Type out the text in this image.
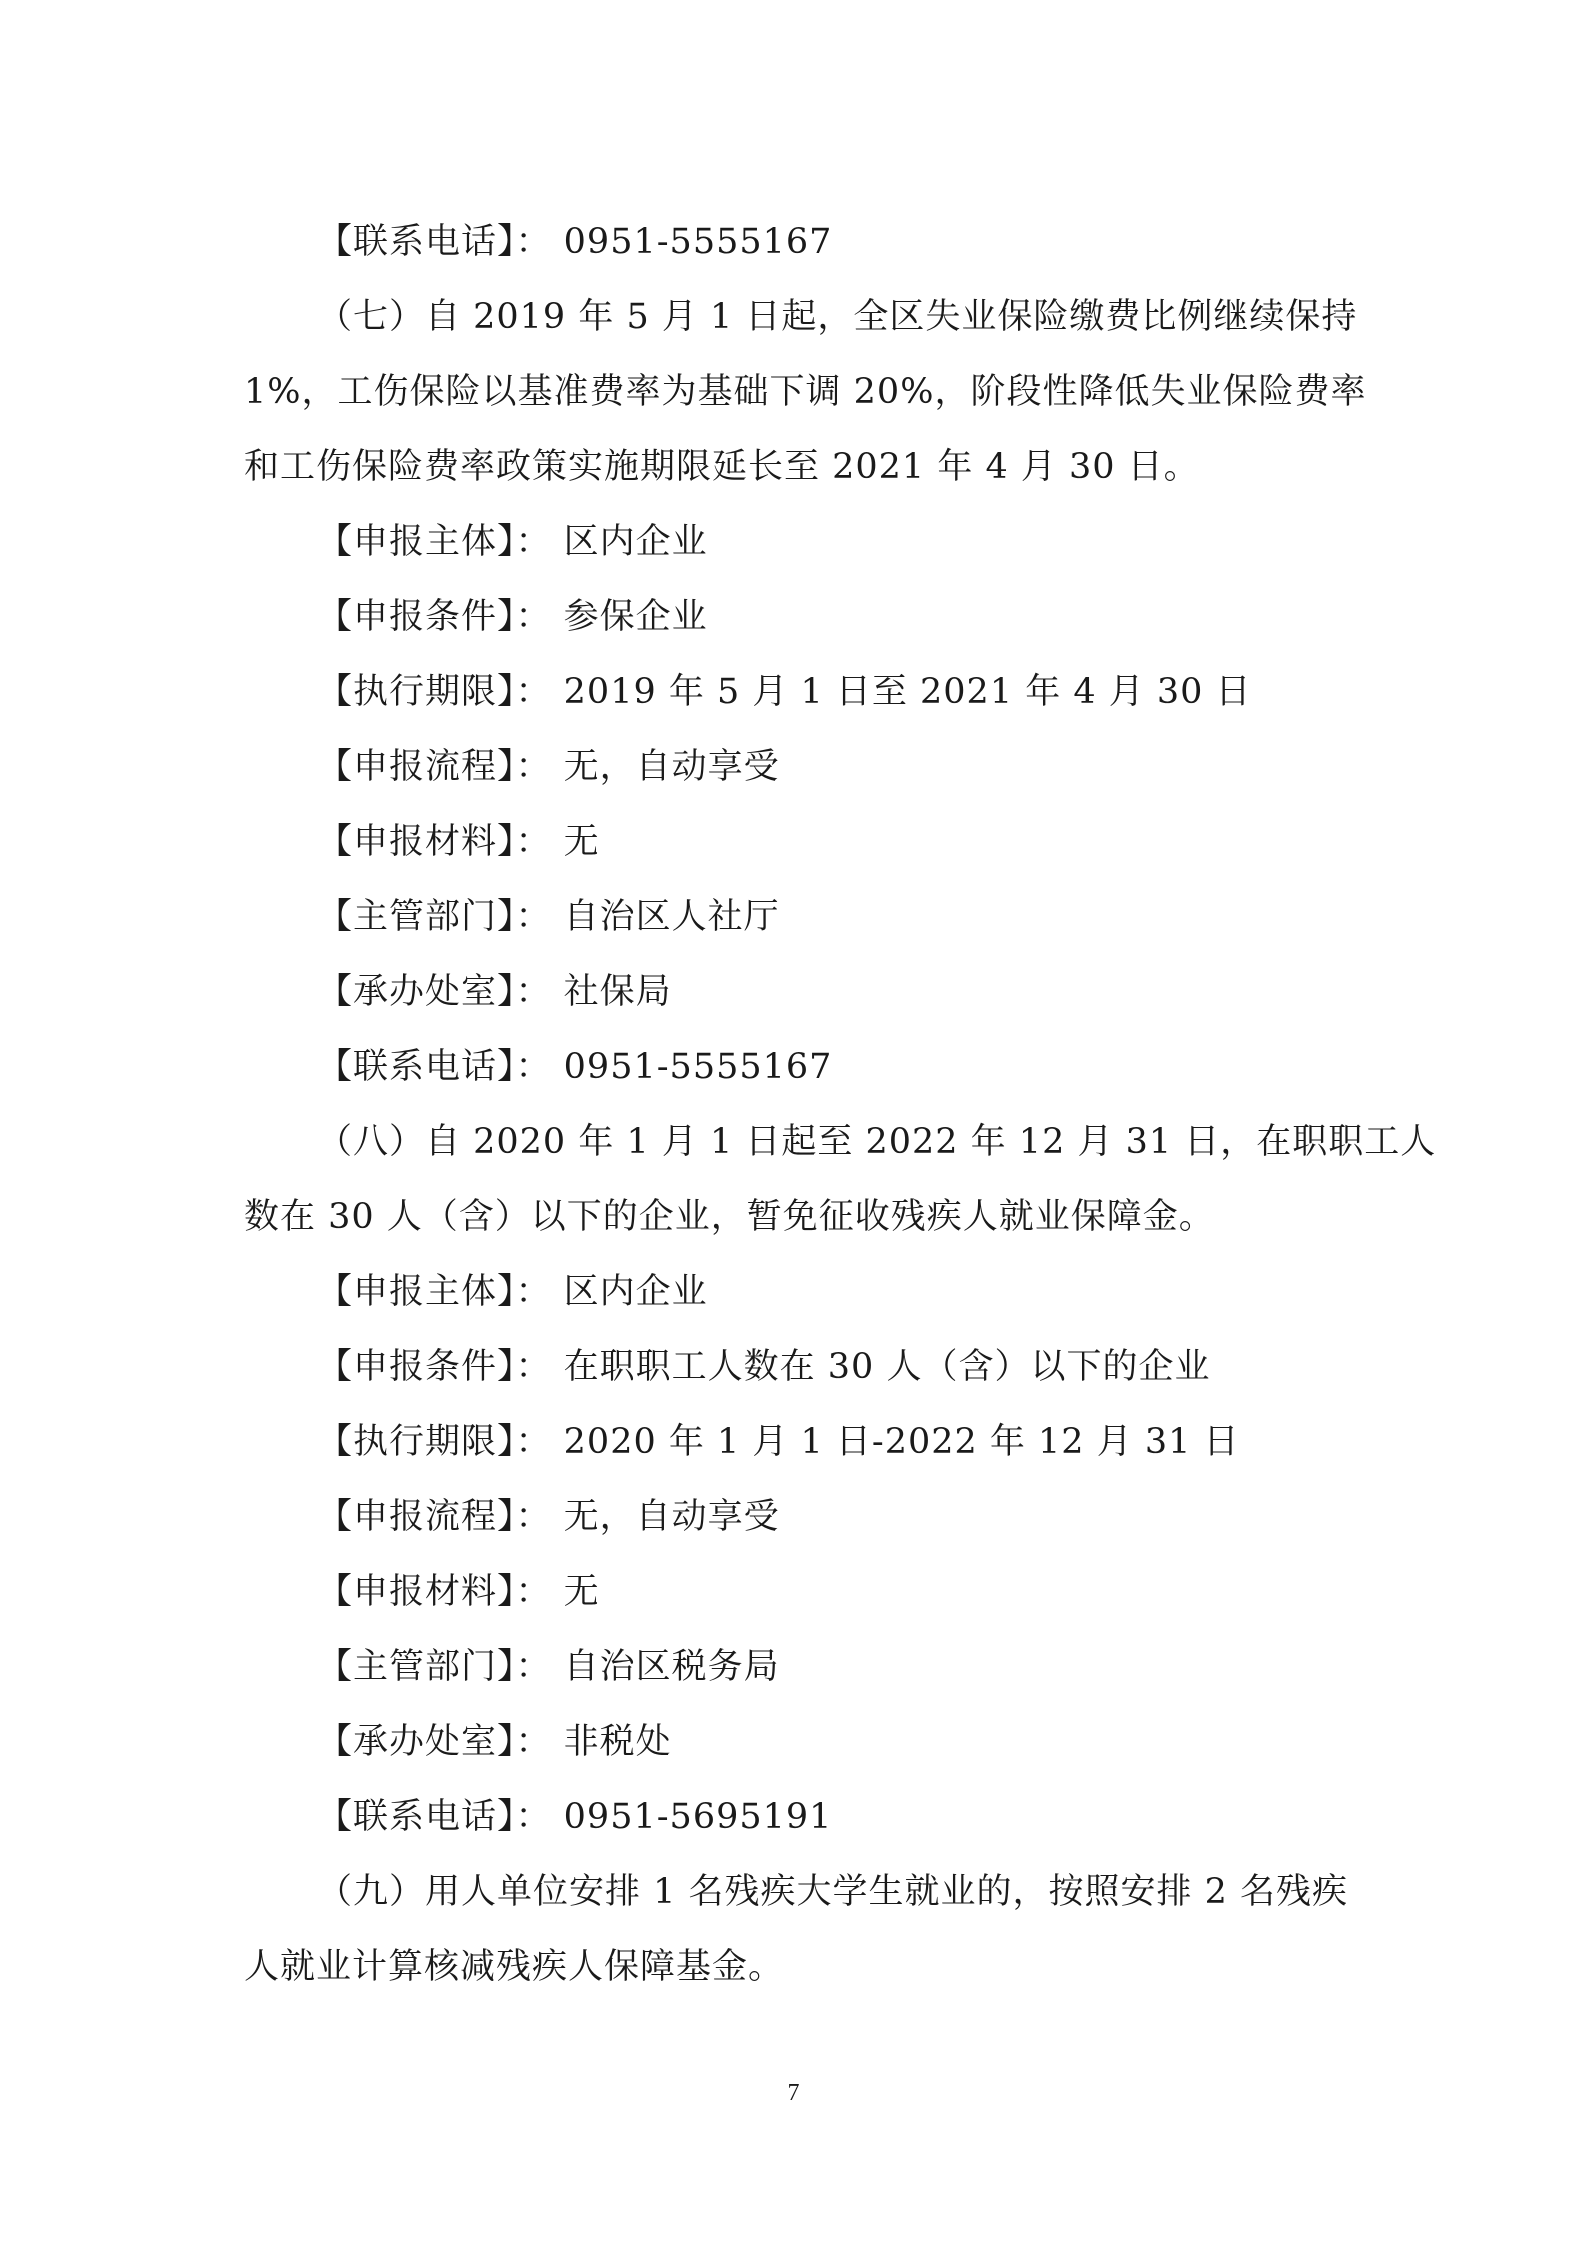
【联系电话】： 0951-5555167
（七）自 2019 年 5 月 1 日起，全区失业保险缴费比例继续保持
1%，工伤保险以基准费率为基础下调 20%，阶段性降低失业保险费率
和工伤保险费率政策实施期限延长至 2021 年 4 月 30 日。
【申报主体】： 区内企业
【申报条件】： 参保企业
【执行期限】： 2019 年 5 月 1 日至 2021 年 4 月 30 日
【申报流程】： 无，自动享受
【申报材料】： 无
【主管部门】： 自治区人社厅
【承办处室】： 社保局
【联系电话】： 0951-5555167
（八）自 2020 年 1 月 1 日起至 2022 年 12 月 31 日，在职职工人
数在 30 人（含）以下的企业，暂免征收残疾人就业保障金。
【申报主体】： 区内企业
【申报条件】： 在职职工人数在 30 人（含）以下的企业
【执行期限】： 2020 年 1 月 1 日-2022 年 12 月 31 日
【申报流程】： 无，自动享受
【申报材料】： 无
【主管部门】： 自治区税务局
【承办处室】： 非税处
【联系电话】： 0951-5695191
（九）用人单位安排 1 名残疾大学生就业的，按照安排 2 名残疾
人就业计算核减残疾人保障基金。
7
